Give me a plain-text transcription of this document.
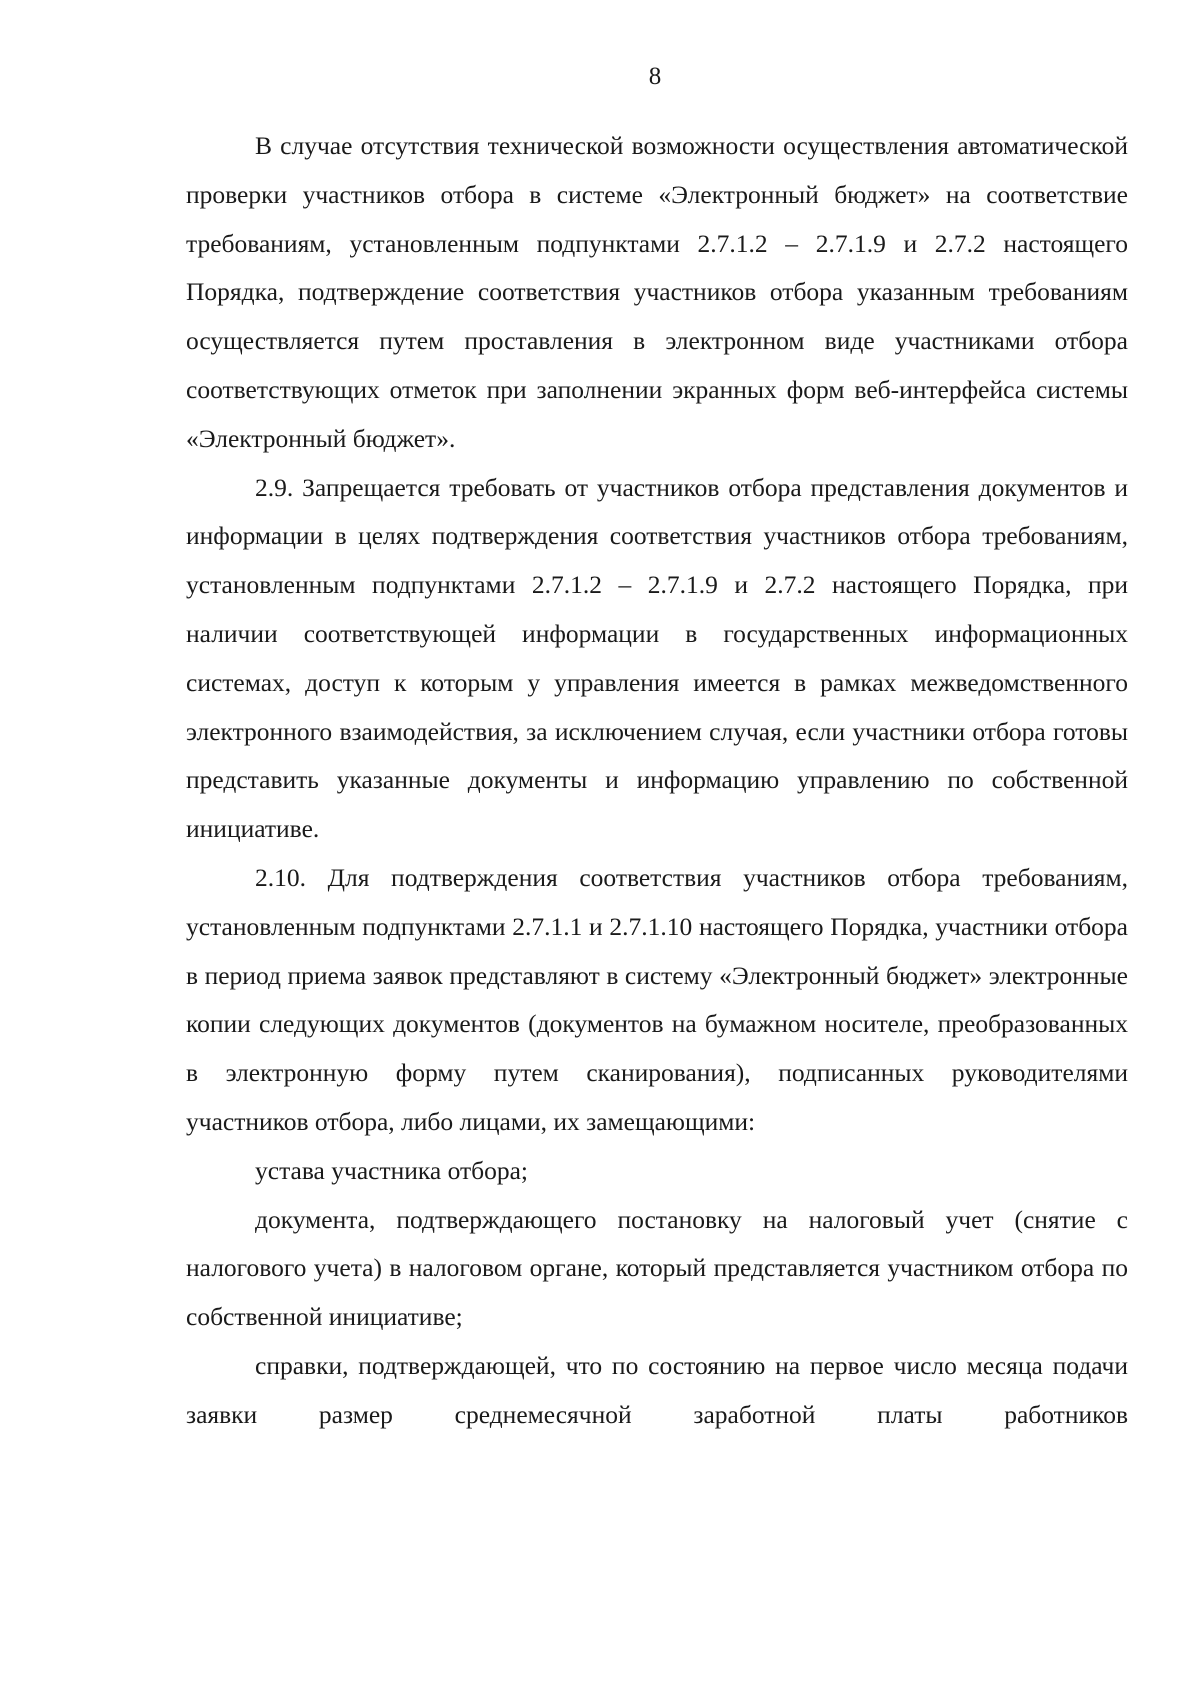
8

В случае отсутствия технической возможности осуществления автоматической проверки участников отбора в системе «Электронный бюджет» на соответствие требованиям, установленным подпунктами 2.7.1.2 – 2.7.1.9 и 2.7.2 настоящего Порядка, подтверждение соответствия участников отбора указанным требованиям осуществляется путем проставления в электронном виде участниками отбора соответствующих отметок при заполнении экранных форм веб-интерфейса системы «Электронный бюджет».

2.9. Запрещается требовать от участников отбора представления документов и информации в целях подтверждения соответствия участников отбора требованиям, установленным подпунктами 2.7.1.2 – 2.7.1.9 и 2.7.2 настоящего Порядка, при наличии соответствующей информации в государственных информационных системах, доступ к которым у управления имеется в рамках межведомственного электронного взаимодействия, за исключением случая, если участники отбора готовы представить указанные документы и информацию управлению по собственной инициативе.

2.10. Для подтверждения соответствия участников отбора требованиям, установленным подпунктами 2.7.1.1 и 2.7.1.10 настоящего Порядка, участники отбора в период приема заявок представляют в систему «Электронный бюджет» электронные копии следующих документов (документов на бумажном носителе, преобразованных в электронную форму путем сканирования), подписанных руководителями участников отбора, либо лицами, их замещающими:

устава участника отбора;

документа, подтверждающего постановку на налоговый учет (снятие с налогового учета) в налоговом органе, который представляется участником отбора по собственной инициативе;

справки, подтверждающей, что по состоянию на первое число месяца подачи заявки размер среднемесячной заработной платы работников
